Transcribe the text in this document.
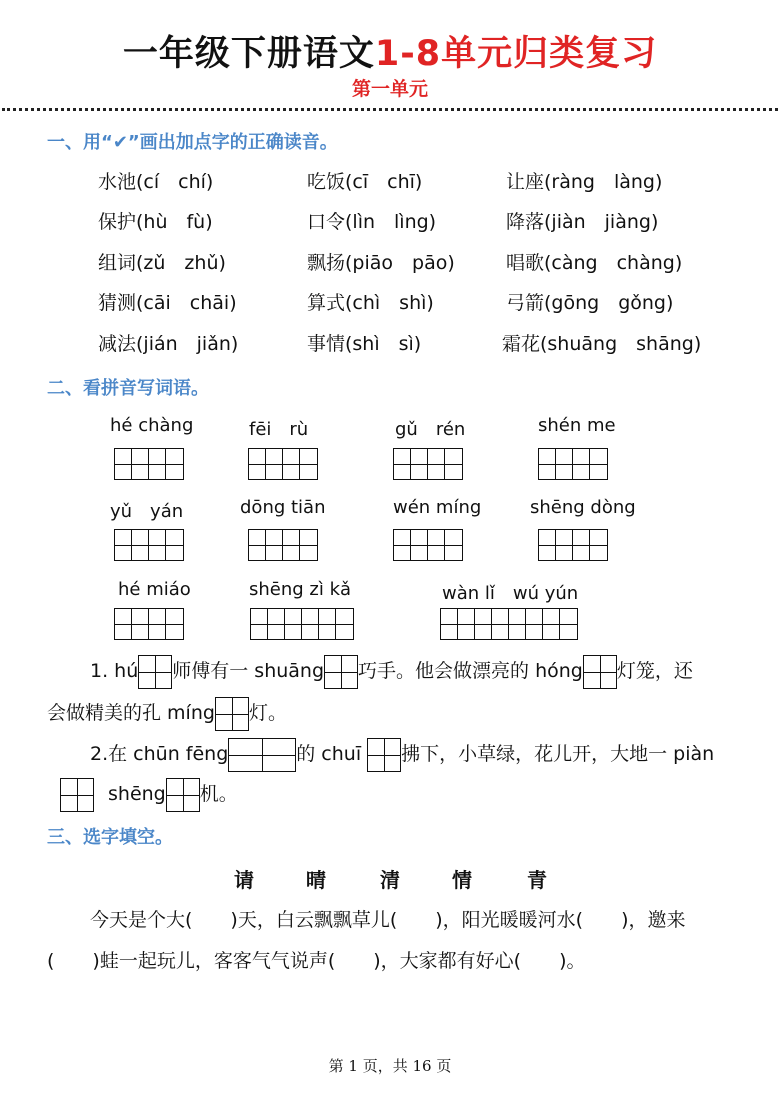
一年级下册语文1-8单元归类复习
第一单元
一、用“✔”画出加点字的正确读音。
水池(cí　chí)	吃饭(cī　chī)	让座(ràng　làng)
保护(hù　fù)	口令(lìn　lìng)	降落(jiàn　jiàng)
组词(zǔ　zhǔ)	飘扬(piāo　pāo)	唱歌(càng　chàng)
猜测(cāi　chāi)	算式(chì　shì)	弓箭(gōng　gǒng)
减法(jián　jiǎn)	事情(shì　sì)	霜花(shuāng　shāng)
二、看拼音写词语。
hé chàng	fēi　rù	gǔ　rén	shén me
yǔ　yán	dōng tiān	wén míng	shēng dòng
hé miáo	shēng zì kǎ	wàn lǐ　wú yún
1. hú 师傅有一 shuāng 巧手。他会做漂亮的 hóng 灯笼，还
会做精美的孔 míng 灯。
2.在 chūn fēng	的 chuī 拂下，小草绿，花儿开，大地一 piàn
shēng 机。
三、选字填空。
请	晴	清	情	青
今天是个大(　　)天，白云飘飘草儿(　　)，阳光暖暖河水(　　)，邀来
(　　)蛙一起玩儿，客客气气说声(　　)，大家都有好心(　　)。
第 1 页，共 16 页
